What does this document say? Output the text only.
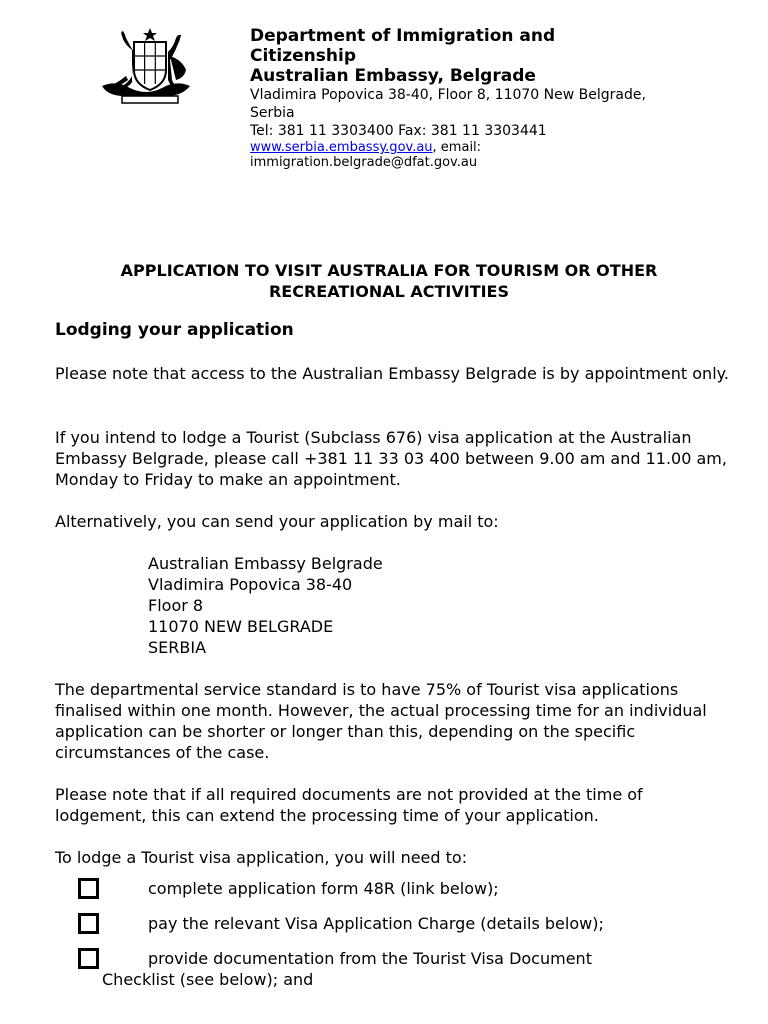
Department of Immigration and
Citizenship
Australian Embassy, Belgrade
Vladimira Popovica 38-40, Floor 8, 11070 New Belgrade,
Serbia
Tel: 381 11 3303400 Fax: 381 11 3303441
www.serbia.embassy.gov.au, email:
immigration.belgrade@dfat.gov.au
APPLICATION TO VISIT AUSTRALIA FOR TOURISM OR OTHER
RECREATIONAL ACTIVITIES

Lodging your application

Please note that access to the Australian Embassy Belgrade is by appointment only.

If you intend to lodge a Tourist (Subclass 676) visa application at the Australian Embassy Belgrade, please call +381 11 33 03 400 between 9.00 am and 11.00 am, Monday to Friday to make an appointment.

Alternatively, you can send your application by mail to:

Australian Embassy Belgrade
Vladimira Popovica 38-40
Floor 8
11070 NEW BELGRADE
SERBIA

The departmental service standard is to have 75% of Tourist visa applications finalised within one month. However, the actual processing time for an individual application can be shorter or longer than this, depending on the specific circumstances of the case.

Please note that if all required documents are not provided at the time of lodgement, this can extend the processing time of your application.

To lodge a Tourist visa application, you will need to:

complete application form 48R (link below);
pay the relevant Visa Application Charge (details below);
provide documentation from the Tourist Visa Document
Checklist (see below); and
